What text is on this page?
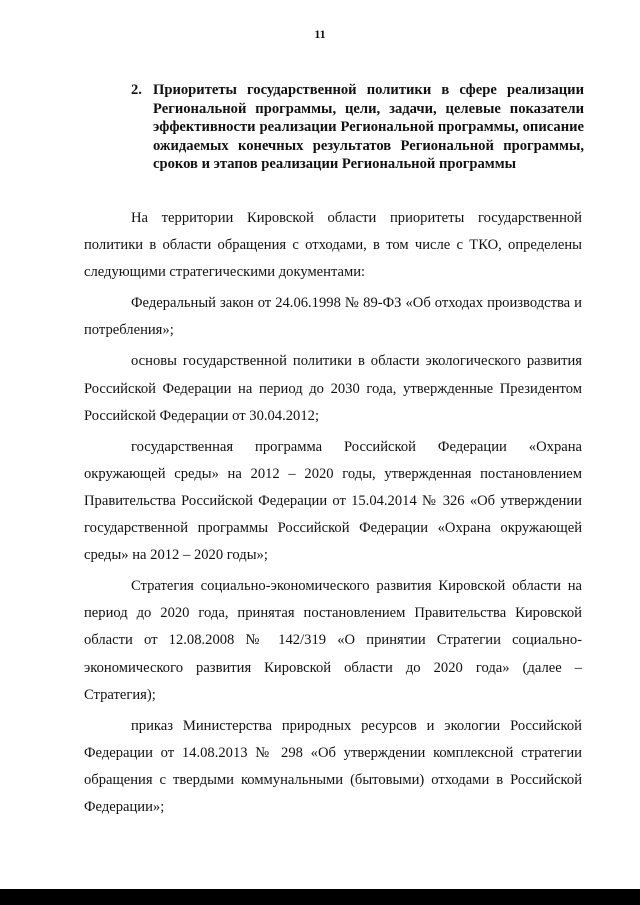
11
2. Приоритеты государственной политики в сфере реализации Региональной программы, цели, задачи, целевые показатели эффективности реализации Региональной программы, описание ожидаемых конечных результатов Региональной программы, сроков и этапов реализации Региональной программы

На территории Кировской области приоритеты государственной политики в области обращения с отходами, в том числе с ТКО, определены следующими стратегическими документами:

Федеральный закон от 24.06.1998 № 89-ФЗ «Об отходах производства и потребления»;

основы государственной политики в области экологического развития Российской Федерации на период до 2030 года, утвержденные Президентом Российской Федерации от 30.04.2012;

государственная программа Российской Федерации «Охрана окружающей среды» на 2012 – 2020 годы, утвержденная постановлением Правительства Российской Федерации от 15.04.2014 № 326 «Об утверждении государственной программы Российской Федерации «Охрана окружающей среды» на 2012 – 2020 годы»;

Стратегия социально-экономического развития Кировской области на период до 2020 года, принятая постановлением Правительства Кировской области от 12.08.2008 № 142/319 «О принятии Стратегии социально-экономического развития Кировской области до 2020 года» (далее – Стратегия);

приказ Министерства природных ресурсов и экологии Российской Федерации от 14.08.2013 № 298 «Об утверждении комплексной стратегии обращения с твердыми коммунальными (бытовыми) отходами в Российской Федерации»;
